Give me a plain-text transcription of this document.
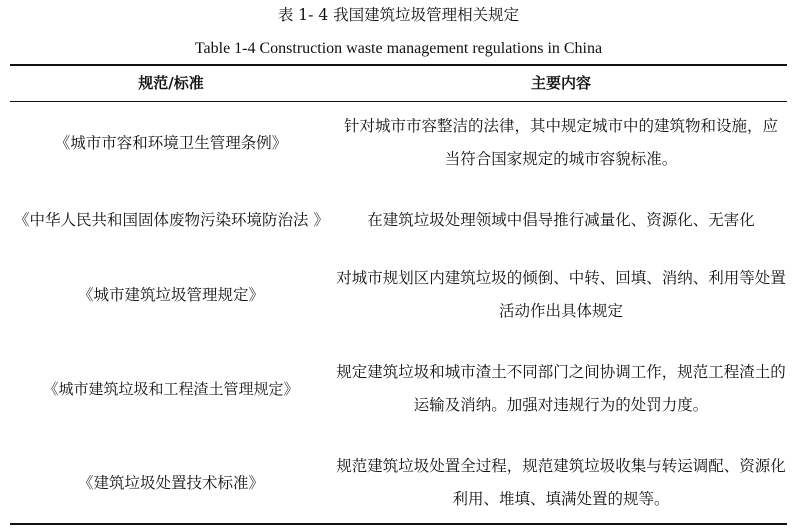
表 1- 4 我国建筑垃圾管理相关规定
Table 1-4 Construction waste management regulations in China
规范/标准	主要内容
《城市市容和环境卫生管理条例》
针对城市市容整洁的法律，其中规定城市中的建筑物和设施，应当符合国家规定的城市容貌标准。
《中华人民共和国固体废物污染环境防治法 》 在建筑垃圾处理领域中倡导推行减量化、资源化、无害化
《城市建筑垃圾管理规定》
对城市规划区内建筑垃圾的倾倒、中转、回填、消纳、利用等处置活动作出具体规定
《城市建筑垃圾和工程渣土管理规定》
规定建筑垃圾和城市渣土不同部门之间协调工作，规范工程渣土的运输及消纳。加强对违规行为的处罚力度。
《建筑垃圾处置技术标准》
规范建筑垃圾处置全过程，规范建筑垃圾收集与转运调配、资源化利用、堆填、填满处置的规等。
